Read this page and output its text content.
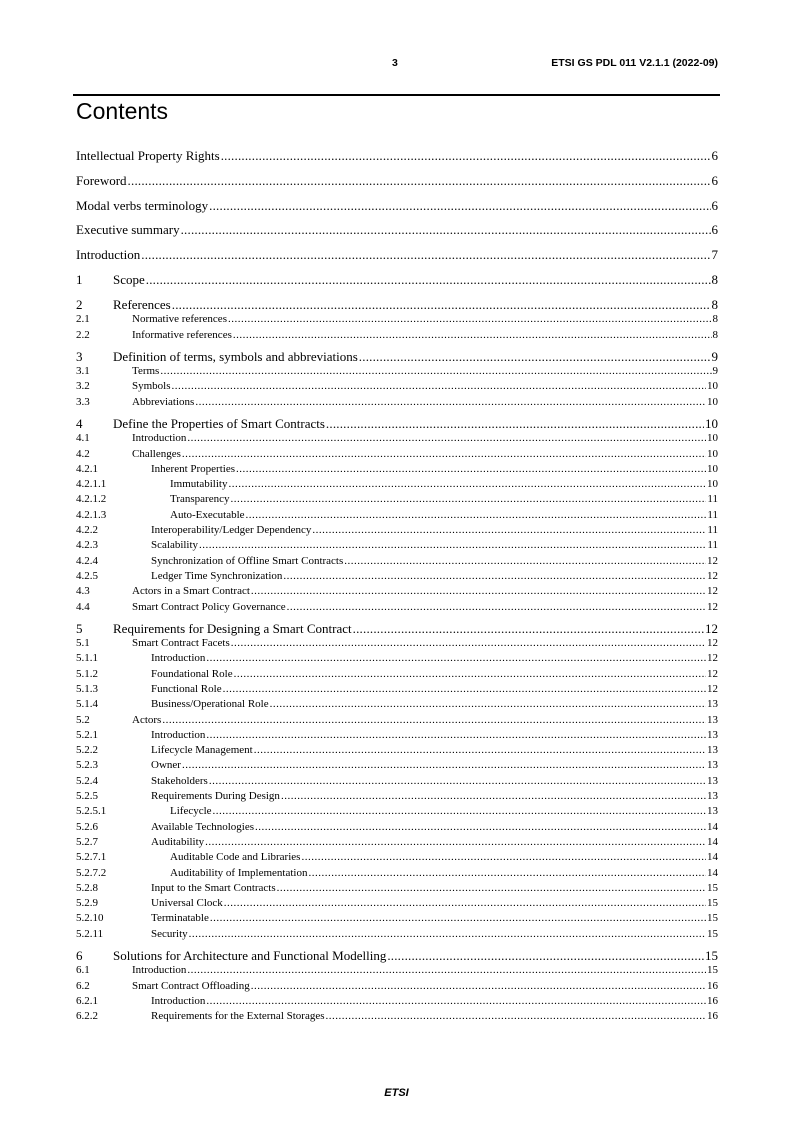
3	ETSI GS PDL 011 V2.1.1 (2022-09)
Contents
Intellectual Property Rights .....	6
Foreword .....	6
Modal verbs terminology .....	6
Executive summary .....	6
Introduction .....	7
1 Scope .....	8
2 References .....	8
2.1	Normative references .....	8
2.2	Informative references .....	8
3 Definition of terms, symbols and abbreviations .....	9
3.1	Terms .....	9
3.2	Symbols .....	10
3.3	Abbreviations .....	10
4 Define the Properties of Smart Contracts .....	10
4.1	Introduction .....	10
4.2	Challenges .....	10
4.2.1	Inherent Properties .....	10
4.2.1.1	Immutability .....	10
4.2.1.2	Transparency .....	11
4.2.1.3	Auto-Executable .....	11
4.2.2	Interoperability/Ledger Dependency .....	11
4.2.3	Scalability .....	11
4.2.4	Synchronization of Offline Smart Contracts .....	12
4.2.5	Ledger Time Synchronization .....	12
4.3	Actors in a Smart Contract .....	12
4.4	Smart Contract Policy Governance .....	12
5 Requirements for Designing a Smart Contract .....	12
5.1	Smart Contract Facets .....	12
5.1.1	Introduction .....	12
5.1.2	Foundational Role .....	12
5.1.3	Functional Role .....	12
5.1.4	Business/Operational Role .....	13
5.2	Actors .....	13
5.2.1	Introduction .....	13
5.2.2	Lifecycle Management .....	13
5.2.3	Owner .....	13
5.2.4	Stakeholders .....	13
5.2.5	Requirements During Design .....	13
5.2.5.1	Lifecycle .....	13
5.2.6	Available Technologies .....	14
5.2.7	Auditability .....	14
5.2.7.1	Auditable Code and Libraries .....	14
5.2.7.2	Auditability of Implementation .....	14
5.2.8	Input to the Smart Contracts .....	15
5.2.9	Universal Clock .....	15
5.2.10	Terminatable .....	15
5.2.11	Security .....	15
6 Solutions for Architecture and Functional Modelling .....	15
6.1	Introduction .....	15
6.2	Smart Contract Offloading .....	16
6.2.1	Introduction .....	16
6.2.2	Requirements for the External Storages .....	16
ETSI
